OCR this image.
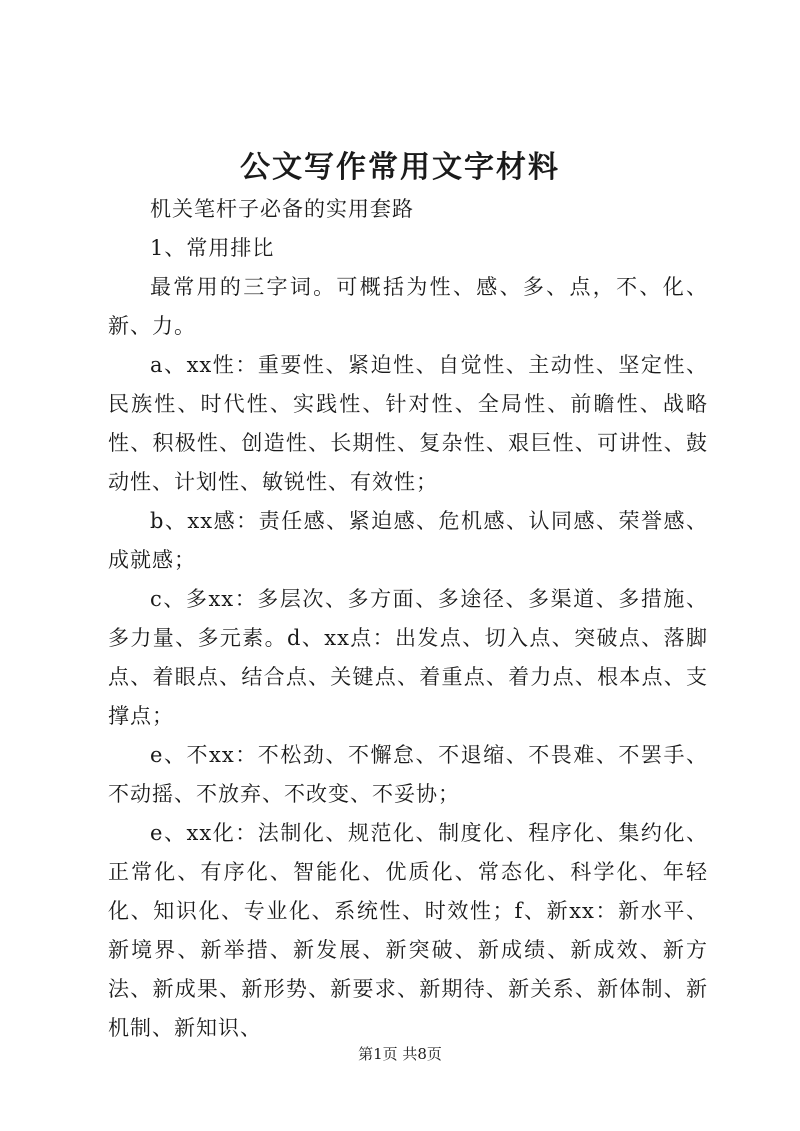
公文写作常用文字材料

机关笔杆子必备的实用套路

1、常用排比

最常用的三字词。可概括为性、感、多、点，不、化、新、力。

a、xx性：重要性、紧迫性、自觉性、主动性、坚定性、民族性、时代性、实践性、针对性、全局性、前瞻性、战略性、积极性、创造性、长期性、复杂性、艰巨性、可讲性、鼓动性、计划性、敏锐性、有效性；

b、xx感：责任感、紧迫感、危机感、认同感、荣誉感、成就感；

c、多xx：多层次、多方面、多途径、多渠道、多措施、多力量、多元素。d、xx点：出发点、切入点、突破点、落脚点、着眼点、结合点、关键点、着重点、着力点、根本点、支撑点；

e、不xx：不松劲、不懈怠、不退缩、不畏难、不罢手、不动摇、不放弃、不改变、不妥协；

e、xx化：法制化、规范化、制度化、程序化、集约化、正常化、有序化、智能化、优质化、常态化、科学化、年轻化、知识化、专业化、系统性、时效性；f、新xx：新水平、新境界、新举措、新发展、新突破、新成绩、新成效、新方法、新成果、新形势、新要求、新期待、新关系、新体制、新机制、新知识、

第1页 共8页
